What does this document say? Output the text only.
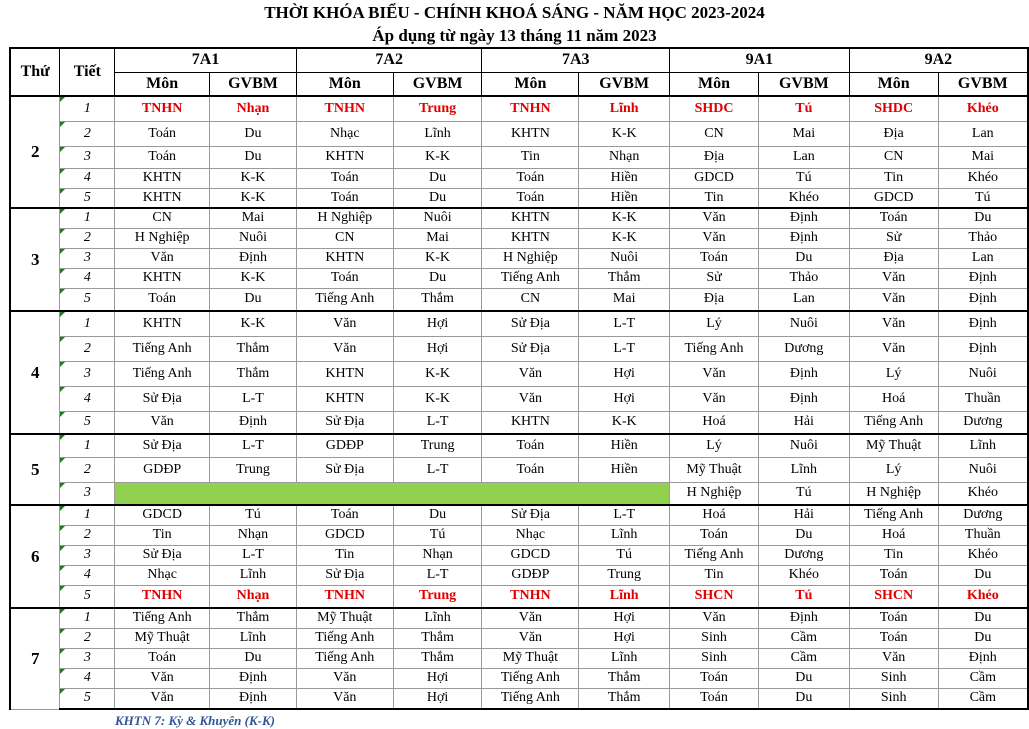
THỜI KHÓA BIỂU - CHÍNH KHOÁ SÁNG - NĂM HỌC 2023-2024
Áp dụng từ ngày 13 tháng 11 năm 2023
Thứ	Tiết	7A1		7A2		7A3		9A1		9A2	
		Môn	GVBM	Môn	GVBM	Môn	GVBM	Môn	GVBM	Môn	GVBM
2	1	TNHN	Nhạn	TNHN	Trung	TNHN	Lĩnh	SHDC	Tú	SHDC	Khéo
	2	Toán	Du	Nhạc	Lĩnh	KHTN	K-K	CN	Mai	Địa	Lan
	3	Toán	Du	KHTN	K-K	Tin	Nhạn	Địa	Lan	CN	Mai
	4	KHTN	K-K	Toán	Du	Toán	Hiền	GDCD	Tú	Tin	Khéo
	5	KHTN	K-K	Toán	Du	Toán	Hiền	Tin	Khéo	GDCD	Tú
3	1	CN	Mai	H Nghiệp	Nuôi	KHTN	K-K	Văn	Định	Toán	Du
	2	H Nghiệp	Nuôi	CN	Mai	KHTN	K-K	Văn	Định	Sử	Thảo
	3	Văn	Định	KHTN	K-K	H Nghiệp	Nuôi	Toán	Du	Địa	Lan
	4	KHTN	K-K	Toán	Du	Tiếng Anh	Thắm	Sử	Thảo	Văn	Định
	5	Toán	Du	Tiếng Anh	Thắm	CN	Mai	Địa	Lan	Văn	Định
4	1	KHTN	K-K	Văn	Hợi	Sử Địa	L-T	Lý	Nuôi	Văn	Định
	2	Tiếng Anh	Thắm	Văn	Hợi	Sử Địa	L-T	Tiếng Anh	Dương	Văn	Định
	3	Tiếng Anh	Thắm	KHTN	K-K	Văn	Hợi	Văn	Định	Lý	Nuôi
	4	Sử Địa	L-T	KHTN	K-K	Văn	Hợi	Văn	Định	Hoá	Thuần
	5	Văn	Định	Sử Địa	L-T	KHTN	K-K	Hoá	Hải	Tiếng Anh	Dương
5	1	Sử Địa	L-T	GDĐP	Trung	Toán	Hiền	Lý	Nuôi	Mỹ Thuật	Lĩnh
	2	GDĐP	Trung	Sử Địa	L-T	Toán	Hiền	Mỹ Thuật	Lĩnh	Lý	Nuôi
	3							H Nghiệp	Tú	H Nghiệp	Khéo
6	1	GDCD	Tú	Toán	Du	Sử Địa	L-T	Hoá	Hải	Tiếng Anh	Dương
	2	Tin	Nhạn	GDCD	Tú	Nhạc	Lĩnh	Toán	Du	Hoá	Thuần
	3	Sử Địa	L-T	Tin	Nhạn	GDCD	Tú	Tiếng Anh	Dương	Tin	Khéo
	4	Nhạc	Lĩnh	Sử Địa	L-T	GDĐP	Trung	Tin	Khéo	Toán	Du
	5	TNHN	Nhạn	TNHN	Trung	TNHN	Lĩnh	SHCN	Tú	SHCN	Khéo
7	1	Tiếng Anh	Thắm	Mỹ Thuật	Lĩnh	Văn	Hợi	Văn	Định	Toán	Du
	2	Mỹ Thuật	Lĩnh	Tiếng Anh	Thắm	Văn	Hợi	Sinh	Cầm	Toán	Du
	3	Toán	Du	Tiếng Anh	Thắm	Mỹ Thuật	Lĩnh	Sinh	Cầm	Văn	Định
	4	Văn	Định	Văn	Hợi	Tiếng Anh	Thắm	Toán	Du	Sinh	Cầm
	5	Văn	Định	Văn	Hợi	Tiếng Anh	Thắm	Toán	Du	Sinh	Cầm
KHTN 7: Kỳ & Khuyên (K-K)
